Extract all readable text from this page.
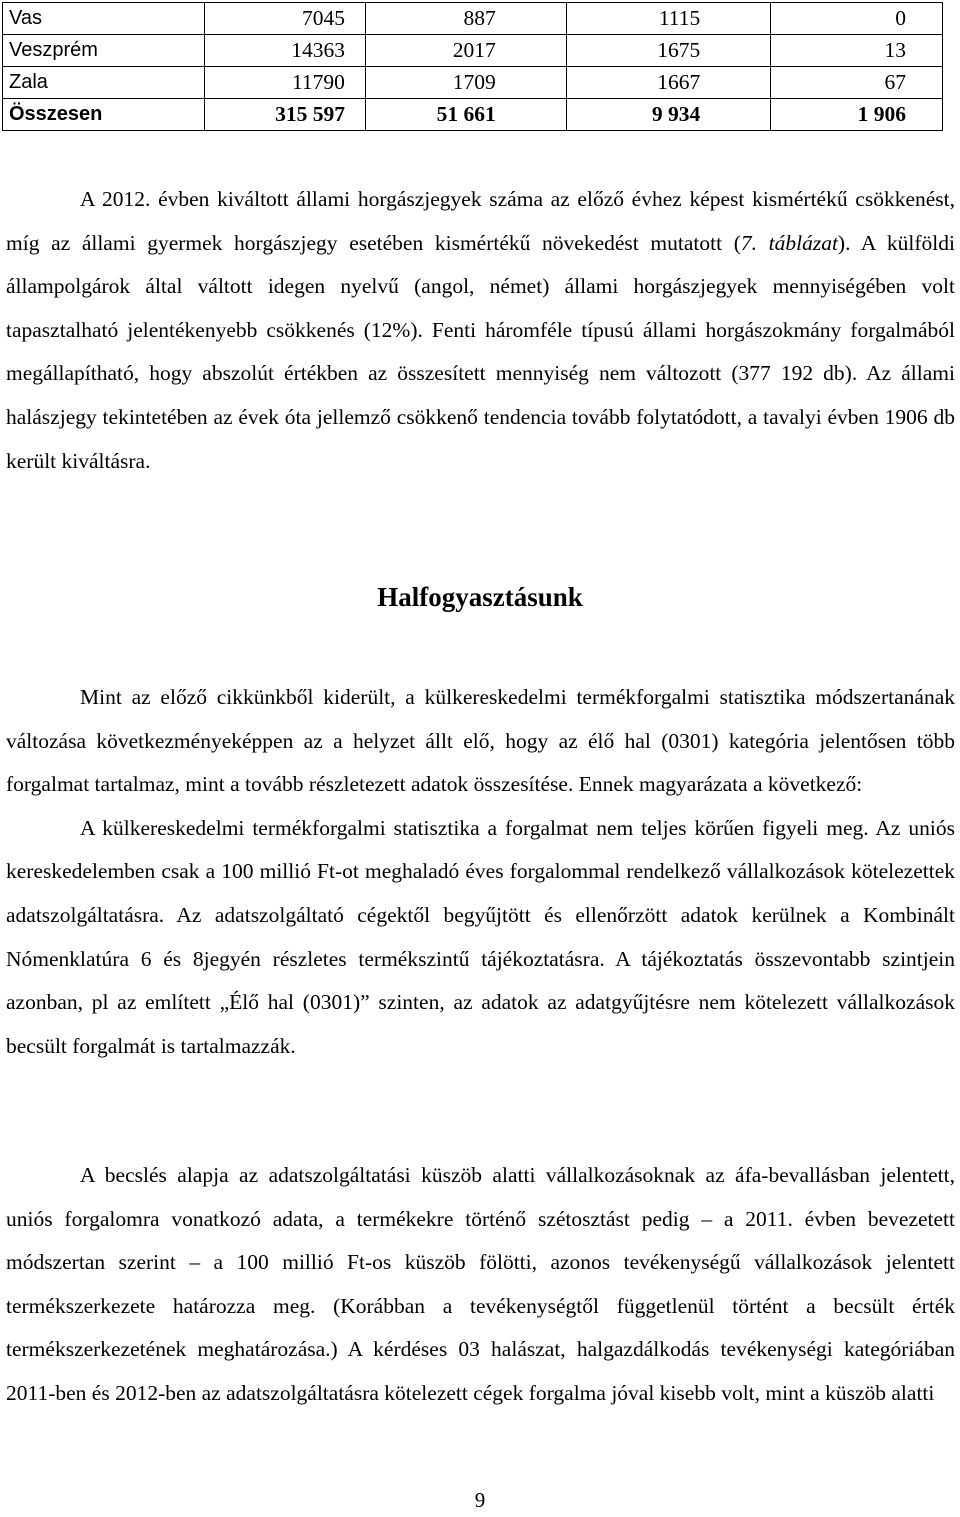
Vas	7045	887	1115	0
Veszprém	14363	2017	1675	13
Zala	11790	1709	1667	67
Összesen	315 597	51 661	9 934	1 906

A 2012. évben kiváltott állami horgászjegyek száma az előző évhez képest kismértékű csökkenést, míg az állami gyermek horgászjegy esetében kismértékű növekedést mutatott (7. táblázat). A külföldi állampolgárok által váltott idegen nyelvű (angol, német) állami horgászjegyek mennyiségében volt tapasztalható jelentékenyebb csökkenés (12%). Fenti háromféle típusú állami horgászokmány forgalmából megállapítható, hogy abszolút értékben az összesített mennyiség nem változott (377 192 db). Az állami halászjegy tekintetében az évek óta jellemző csökkenő tendencia tovább folytatódott, a tavalyi évben 1906 db került kiváltásra.

Halfogyasztásunk

Mint az előző cikkünkből kiderült, a külkereskedelmi termékforgalmi statisztika módszertanának változása következményeképpen az a helyzet állt elő, hogy az élő hal (0301) kategória jelentősen több forgalmat tartalmaz, mint a tovább részletezett adatok összesítése. Ennek magyarázata a következő:
A külkereskedelmi termékforgalmi statisztika a forgalmat nem teljes körűen figyeli meg. Az uniós kereskedelemben csak a 100 millió Ft-ot meghaladó éves forgalommal rendelkező vállalkozások kötelezettek adatszolgáltatásra. Az adatszolgáltató cégektől begyűjtött és ellenőrzött adatok kerülnek a Kombinált Nómenklatúra 6 és 8jegyén részletes termékszintű tájékoztatásra. A tájékoztatás összevontabb szintjein azonban, pl az említett „Élő hal (0301)” szinten, az adatok az adatgyűjtésre nem kötelezett vállalkozások becsült forgalmát is tartalmazzák.

A becslés alapja az adatszolgáltatási küszöb alatti vállalkozásoknak az áfa-bevallásban jelentett, uniós forgalomra vonatkozó adata, a termékekre történő szétosztást pedig – a 2011. évben bevezetett módszertan szerint – a 100 millió Ft-os küszöb fölötti, azonos tevékenységű vállalkozások jelentett termékszerkezete határozza meg. (Korábban a tevékenységtől függetlenül történt a becsült érték termékszerkezetének meghatározása.) A kérdéses 03 halászat, halgazdálkodás tevékenységi kategóriában 2011-ben és 2012-ben az adatszolgáltatásra kötelezett cégek forgalma jóval kisebb volt, mint a küszöb alatti

9
